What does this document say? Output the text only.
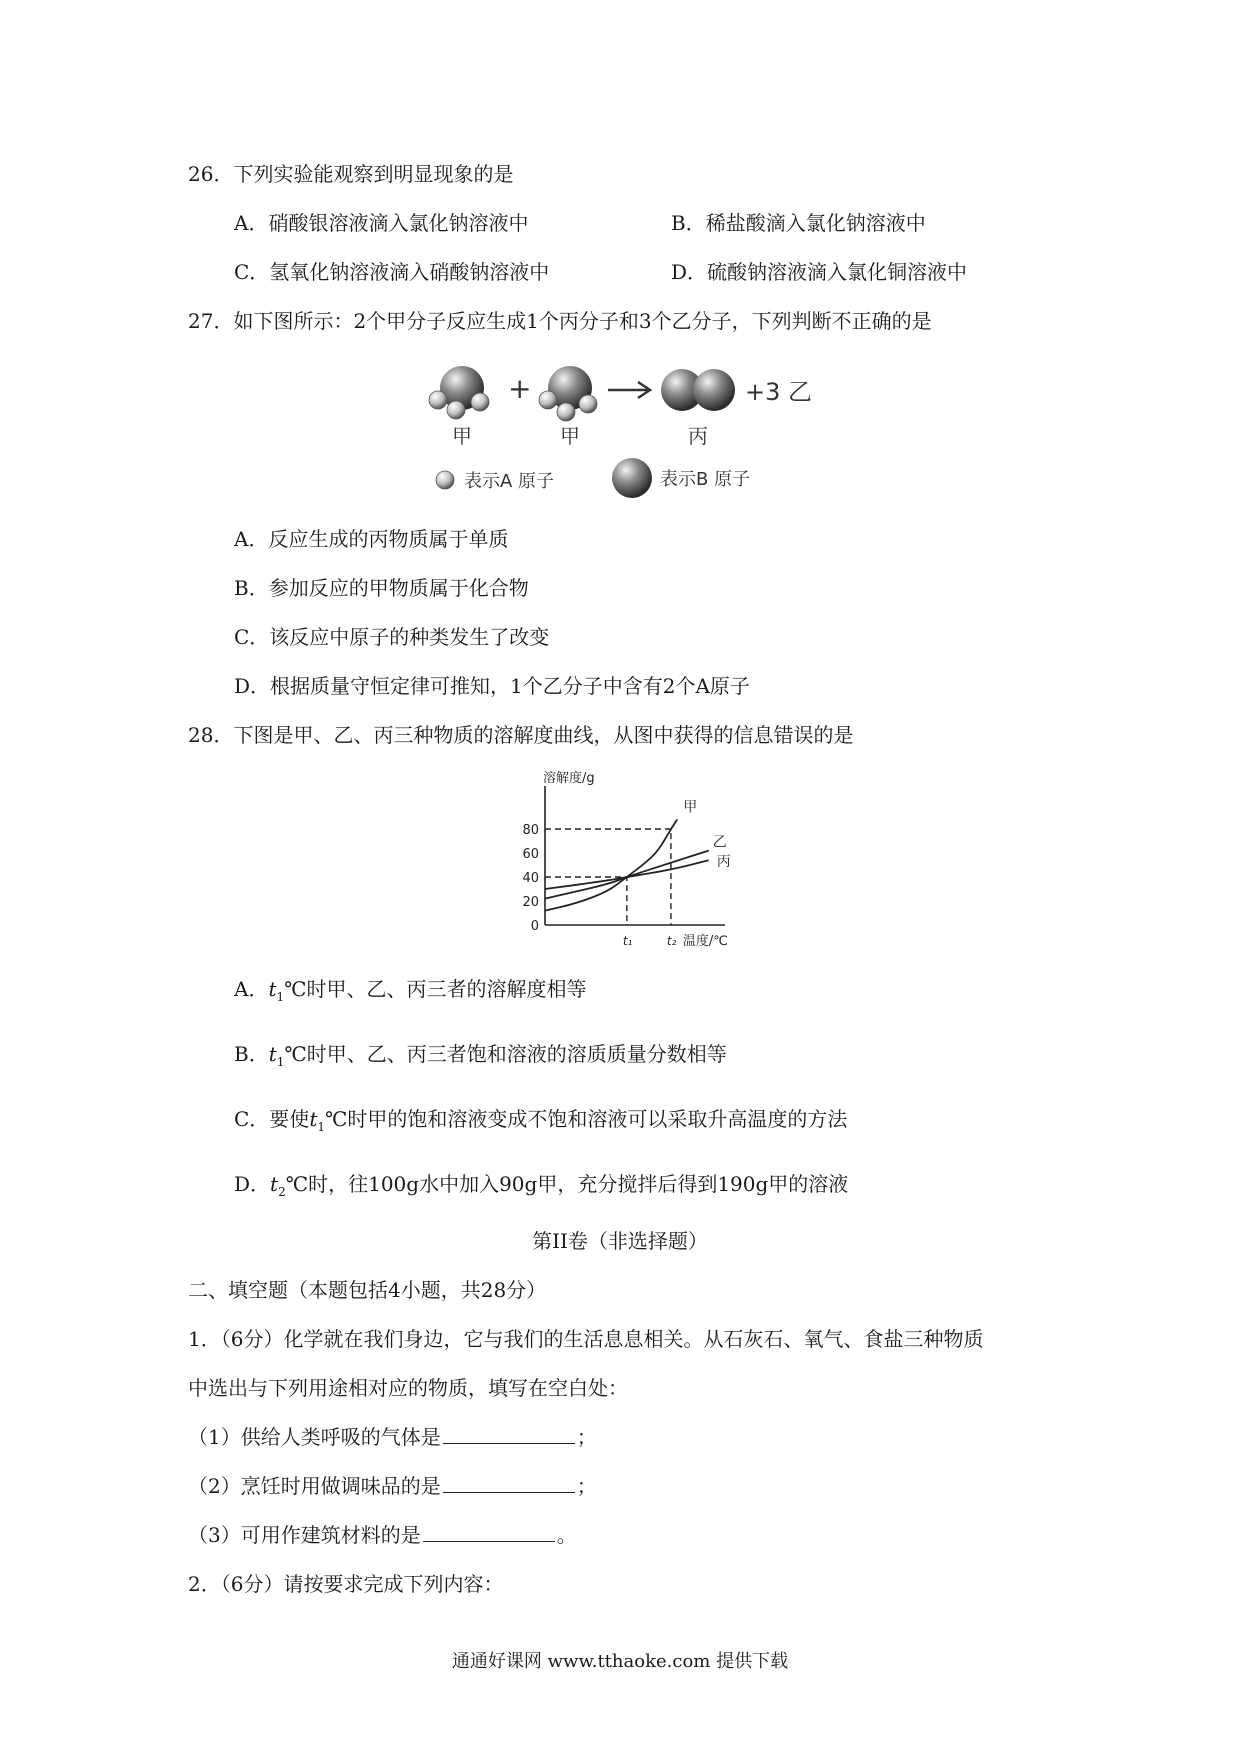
26．下列实验能观察到明显现象的是
A．硝酸银溶液滴入氯化钠溶液中	B．稀盐酸滴入氯化钠溶液中
C．氢氧化钠溶液滴入硝酸钠溶液中	D．硫酸钠溶液滴入氯化铜溶液中
27．如下图所示：2个甲分子反应生成1个丙分子和3个乙分子，下列判断不正确的是
+	+3 乙
甲	甲	丙
表示A 原子	表示B 原子
A．反应生成的丙物质属于单质
B．参加反应的甲物质属于化合物
C．该反应中原子的种类发生了改变
D．根据质量守恒定律可推知，1个乙分子中含有2个A原子
28．下图是甲、乙、丙三种物质的溶解度曲线，从图中获得的信息错误的是
溶解度/g
0
20
40
60
80
t₁	t₂ 温度/℃
甲
乙
丙
A．$t_1℃$时甲、乙、丙三者的溶解度相等
B．$t_1℃$时甲、乙、丙三者饱和溶液的溶质质量分数相等
C．要使$t_1℃$时甲的饱和溶液变成不饱和溶液可以采取升高温度的方法
D．$t_2℃$时，往100g水中加入90g甲，充分搅拌后得到190g甲的溶液
第II卷（非选择题）
二、填空题（本题包括4小题，共28分）
1．（6分）化学就在我们身边，它与我们的生活息息相关。从石灰石、氧气、食盐三种物质
中选出与下列用途相对应的物质，填写在空白处：
（1）供给人类呼吸的气体是	；
（2）烹饪时用做调味品的是	；
（3）可用作建筑材料的是	。
2．（6分）请按要求完成下列内容：
通通好课网 www.tthaoke.com 提供下载
